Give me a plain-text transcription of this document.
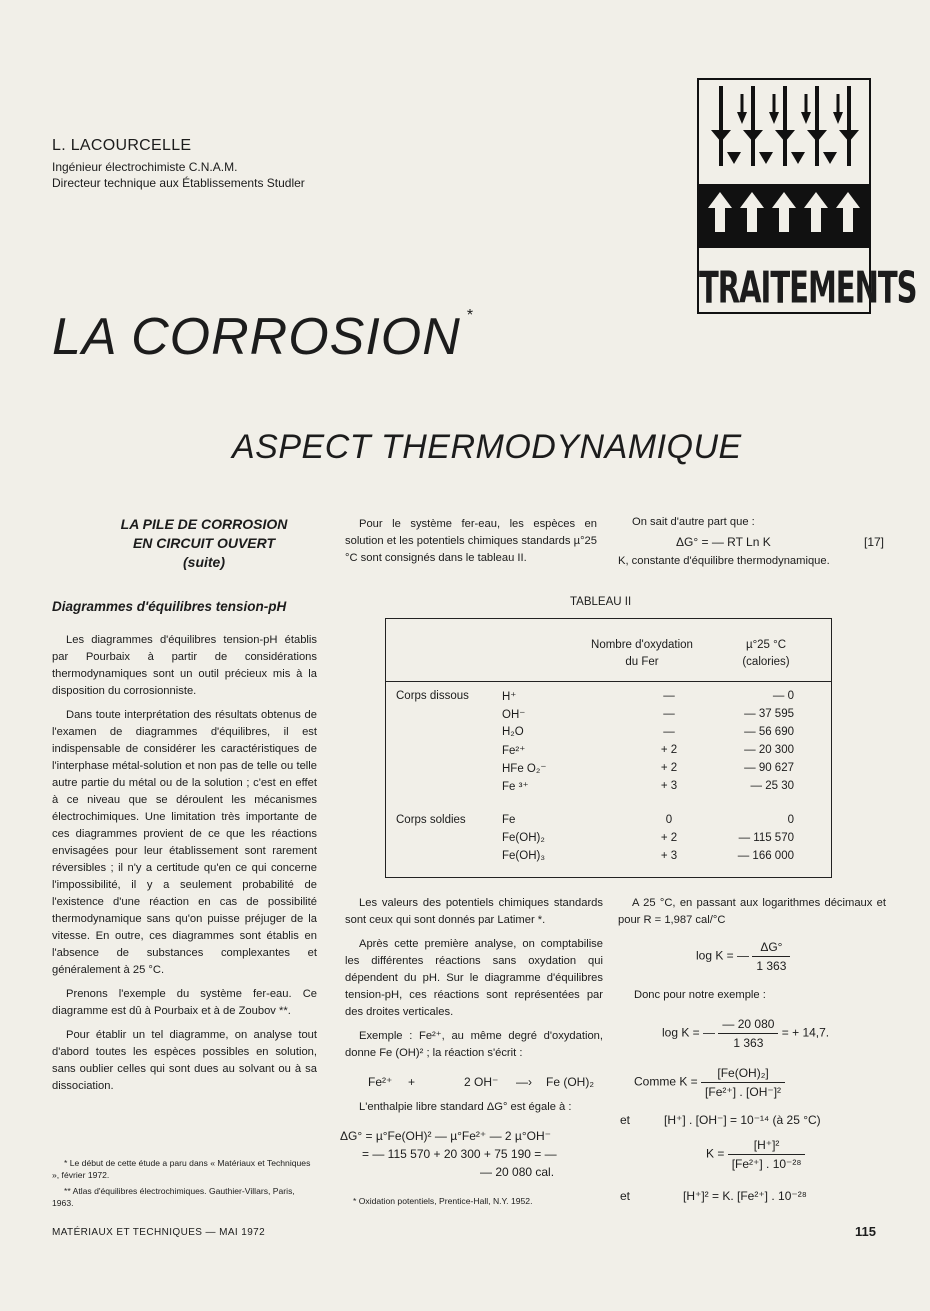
L. LACOURCELLE
Ingénieur électrochimiste C.N.A.M.
Directeur technique aux Établissements Studler
TRAITEMENTS
LA CORROSION *
ASPECT THERMODYNAMIQUE
LA PILE DE CORROSION
EN CIRCUIT OUVERT
(suite)
Pour le système fer-eau, les espèces en solution et les potentiels chimiques standards µ°25 °C sont consignés dans le tableau II.
On sait d'autre part que :
ΔG° = — RT Ln K	[17]
K, constante d'équilibre thermodynamique.
Diagrammes d'équilibres tension-pH

Les diagrammes d'équilibres tension-pH établis par Pourbaix à partir de considérations thermodynamiques sont un outil précieux mis à la disposition du corrosionniste.

Dans toute interprétation des résultats obtenus de l'examen de diagrammes d'équilibres, il est indispensable de considérer les caractéristiques de l'interphase métal-solution et non pas de telle ou telle autre partie du métal ou de la solution ; c'est en effet à ce niveau que se déroulent les mécanismes électrochimiques. Une limitation très importante de ces diagrammes provient de ce que les réactions envisagées pour leur établissement sont rarement réversibles ; il n'y a certitude qu'en ce qui concerne l'impossibilité, il y a seulement probabilité de l'existence d'une réaction en cas de possibilité thermodynamique sans qu'on puisse préjuger de la vitesse. En outre, ces diagrammes sont établis en l'absence de substances complexantes et généralement à 25 °C.

Prenons l'exemple du système fer-eau. Ce diagramme est dû à Pourbaix et à de Zoubov **.

Pour établir un tel diagramme, on analyse tout d'abord toutes les espèces possibles en solution, sans oublier celles qui sont dues au solvant ou à sa dissociation.

* Le début de cette étude a paru dans « Matériaux et Techniques », février 1972.
** Atlas d'équilibres électrochimiques. Gauthier-Villars, Paris, 1963.
TABLEAU II
Nombre d'oxydation
du Fer
µ°25 °C
(calories)
Corps dissous	H⁺	—	— 0
	OH⁻	—	— 37 595
	H₂O	—	— 56 690
	Fe²⁺	+ 2	— 20 300
	HFe O₂⁻	+ 2	— 90 627
	Fe ³⁺	+ 3	— 25 30

Corps soldies	Fe	0	0
	Fe(OH)₂	+ 2	— 115 570
	Fe(OH)₃	+ 3	— 166 000

Les valeurs des potentiels chimiques standards sont ceux qui sont donnés par Latimer *.

Après cette première analyse, on comptabilise les différentes réactions sans oxydation qui dépendent du pH. Sur le diagramme d'équilibres tension-pH, ces réactions sont représentées par des droites verticales.

Exemple : Fe²⁺, au même degré d'oxydation, donne Fe (OH)² ; la réaction s'écrit :

Fe²⁺ +	2 OH⁻ —› Fe (OH)₂
L'enthalpie libre standard ΔG° est égale à :
ΔG° = µ°Fe(OH)² — µ°Fe²⁺ — 2 µ°OH⁻
= — 115 570 + 20 300 + 75 190 = —
— 20 080 cal.
* Oxidation potentiels, Prentice-Hall, N.Y. 1952.
A 25 °C, en passant aux logarithmes décimaux et pour R = 1,987 cal/°C
log K = — $\frac{\Delta G^\circ}{1 363}$
Donc pour notre exemple :
log K = — $\frac{— 20 080}{1 363}$ = + 14,7.
Comme $K = \frac{\text{[Fe(OH)₂]}}{\text{[Fe²⁺] . [OH⁻]²}}$
et	[H⁺] . [OH⁻] = 10⁻¹⁴ (à 25 °C)
$K = \frac{\text{[H⁺]²}}{\text{[Fe²⁺] . 10⁻²⁸}}$
et	[H⁺]² = K. [Fe²⁺] . 10⁻²⁸
MATÉRIAUX ET TECHNIQUES — MAI 1972	115
